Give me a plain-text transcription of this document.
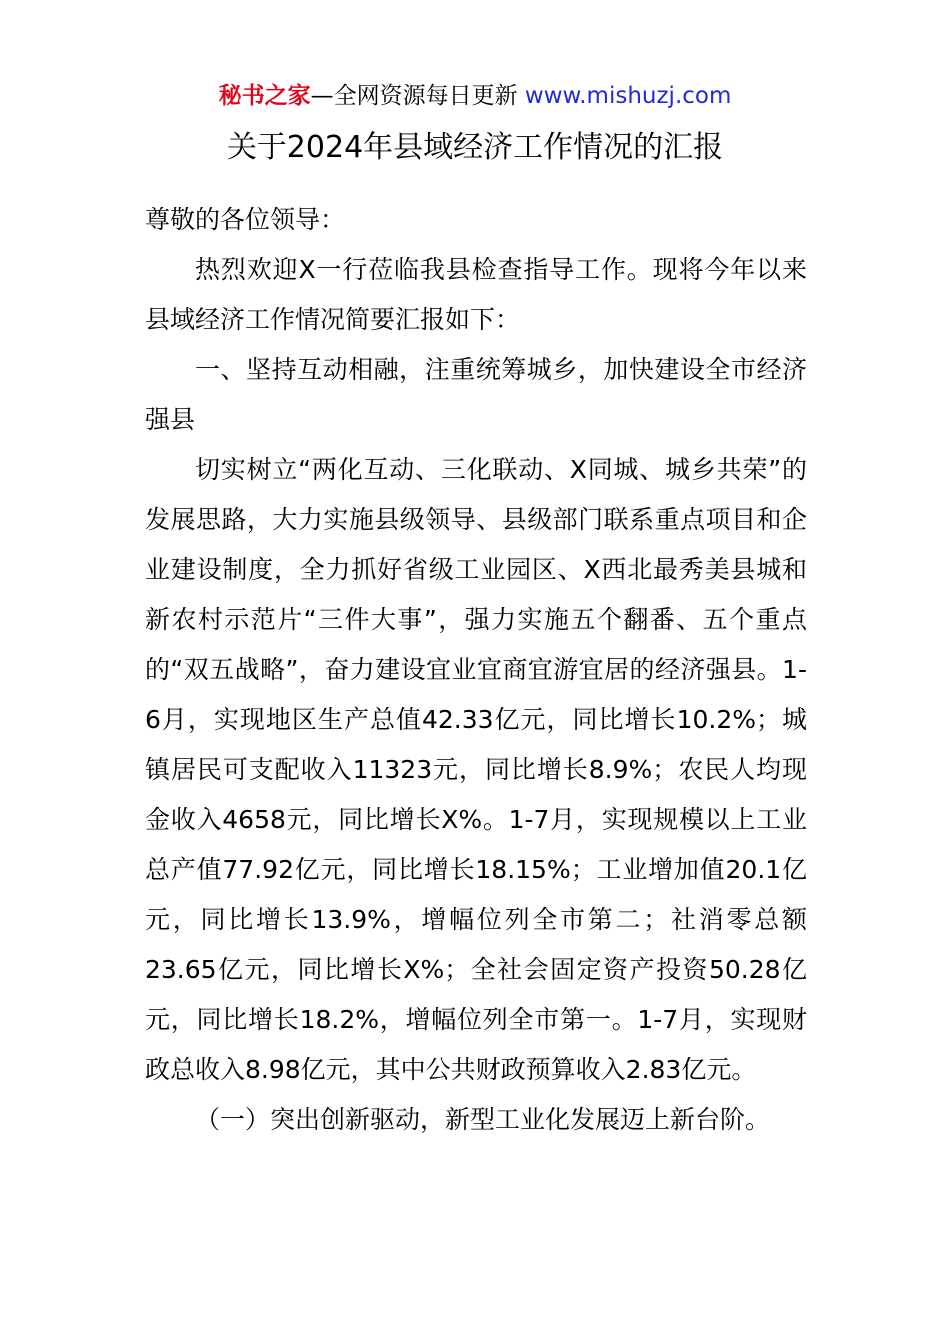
秘书之家—全网资源每日更新 www.mishuzj.com
关于2024年县域经济工作情况的汇报

尊敬的各位领导：

热烈欢迎X一行莅临我县检查指导工作。现将今年以来县域经济工作情况简要汇报如下：

一、坚持互动相融，注重统筹城乡，加快建设全市经济强县

切实树立“两化互动、三化联动、X同城、城乡共荣”的发展思路，大力实施县级领导、县级部门联系重点项目和企业建设制度，全力抓好省级工业园区、X西北最秀美县城和新农村示范片“三件大事”，强力实施五个翻番、五个重点的“双五战略”，奋力建设宜业宜商宜游宜居的经济强县。1-6月，实现地区生产总值42.33亿元，同比增长10.2%；城镇居民可支配收入11323元，同比增长8.9%；农民人均现金收入4658元，同比增长X%。1-7月，实现规模以上工业总产值77.92亿元，同比增长18.15%；工业增加值20.1亿元，同比增长13.9%，增幅位列全市第二；社消零总额23.65亿元，同比增长X%；全社会固定资产投资50.28亿元，同比增长18.2%，增幅位列全市第一。1-7月，实现财政总收入8.98亿元，其中公共财政预算收入2.83亿元。

（一）突出创新驱动，新型工业化发展迈上新台阶。
